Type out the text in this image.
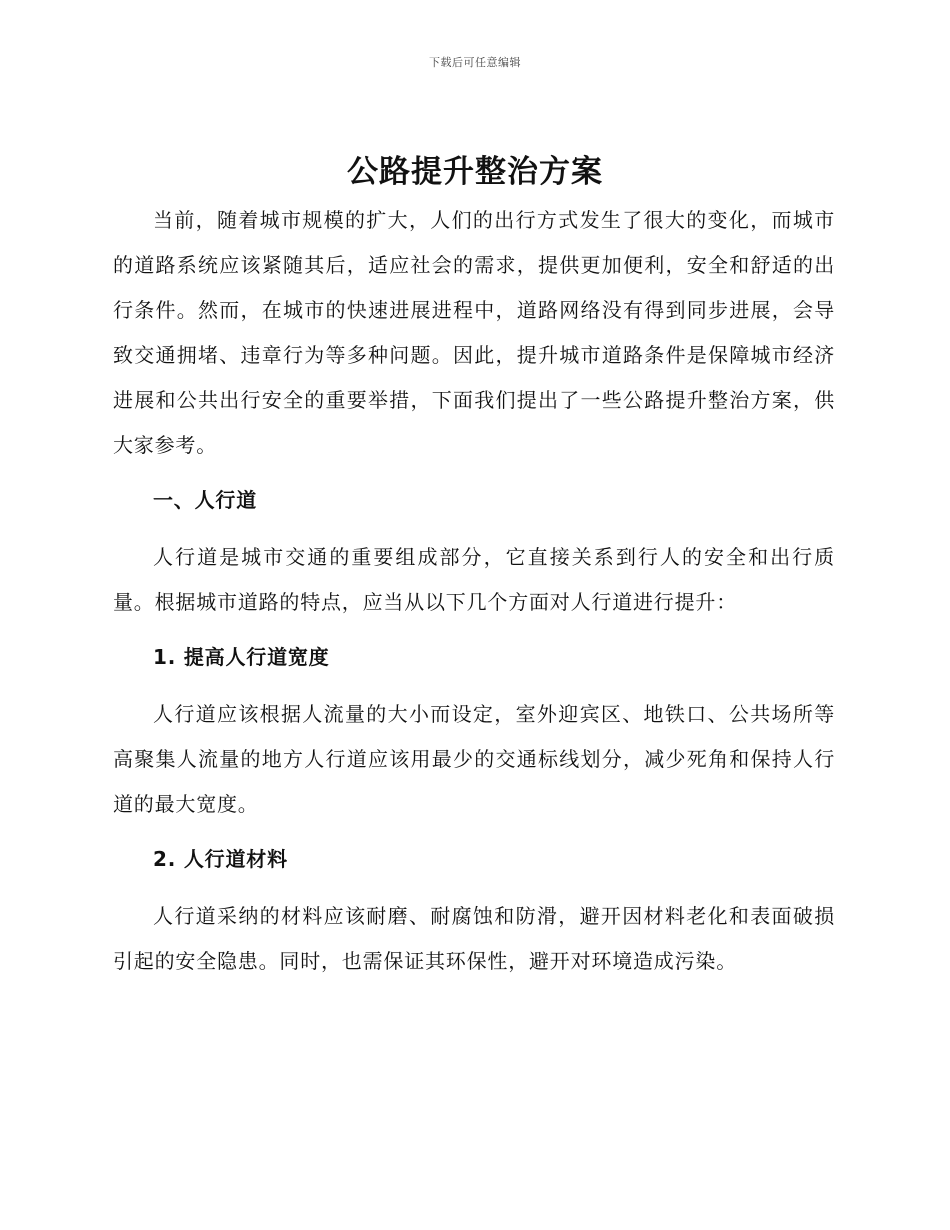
下载后可任意编辑
公路提升整治方案

当前，随着城市规模的扩大，人们的出行方式发生了很大的变化，而城市的道路系统应该紧随其后，适应社会的需求，提供更加便利，安全和舒适的出行条件。然而，在城市的快速进展进程中，道路网络没有得到同步进展，会导致交通拥堵、违章行为等多种问题。因此，提升城市道路条件是保障城市经济进展和公共出行安全的重要举措，下面我们提出了一些公路提升整治方案，供大家参考。

一、人行道

人行道是城市交通的重要组成部分，它直接关系到行人的安全和出行质量。根据城市道路的特点，应当从以下几个方面对人行道进行提升：

1. 提高人行道宽度

人行道应该根据人流量的大小而设定，室外迎宾区、地铁口、公共场所等高聚集人流量的地方人行道应该用最少的交通标线划分，减少死角和保持人行道的最大宽度。

2. 人行道材料

人行道采纳的材料应该耐磨、耐腐蚀和防滑，避开因材料老化和表面破损引起的安全隐患。同时，也需保证其环保性，避开对环境造成污染。
